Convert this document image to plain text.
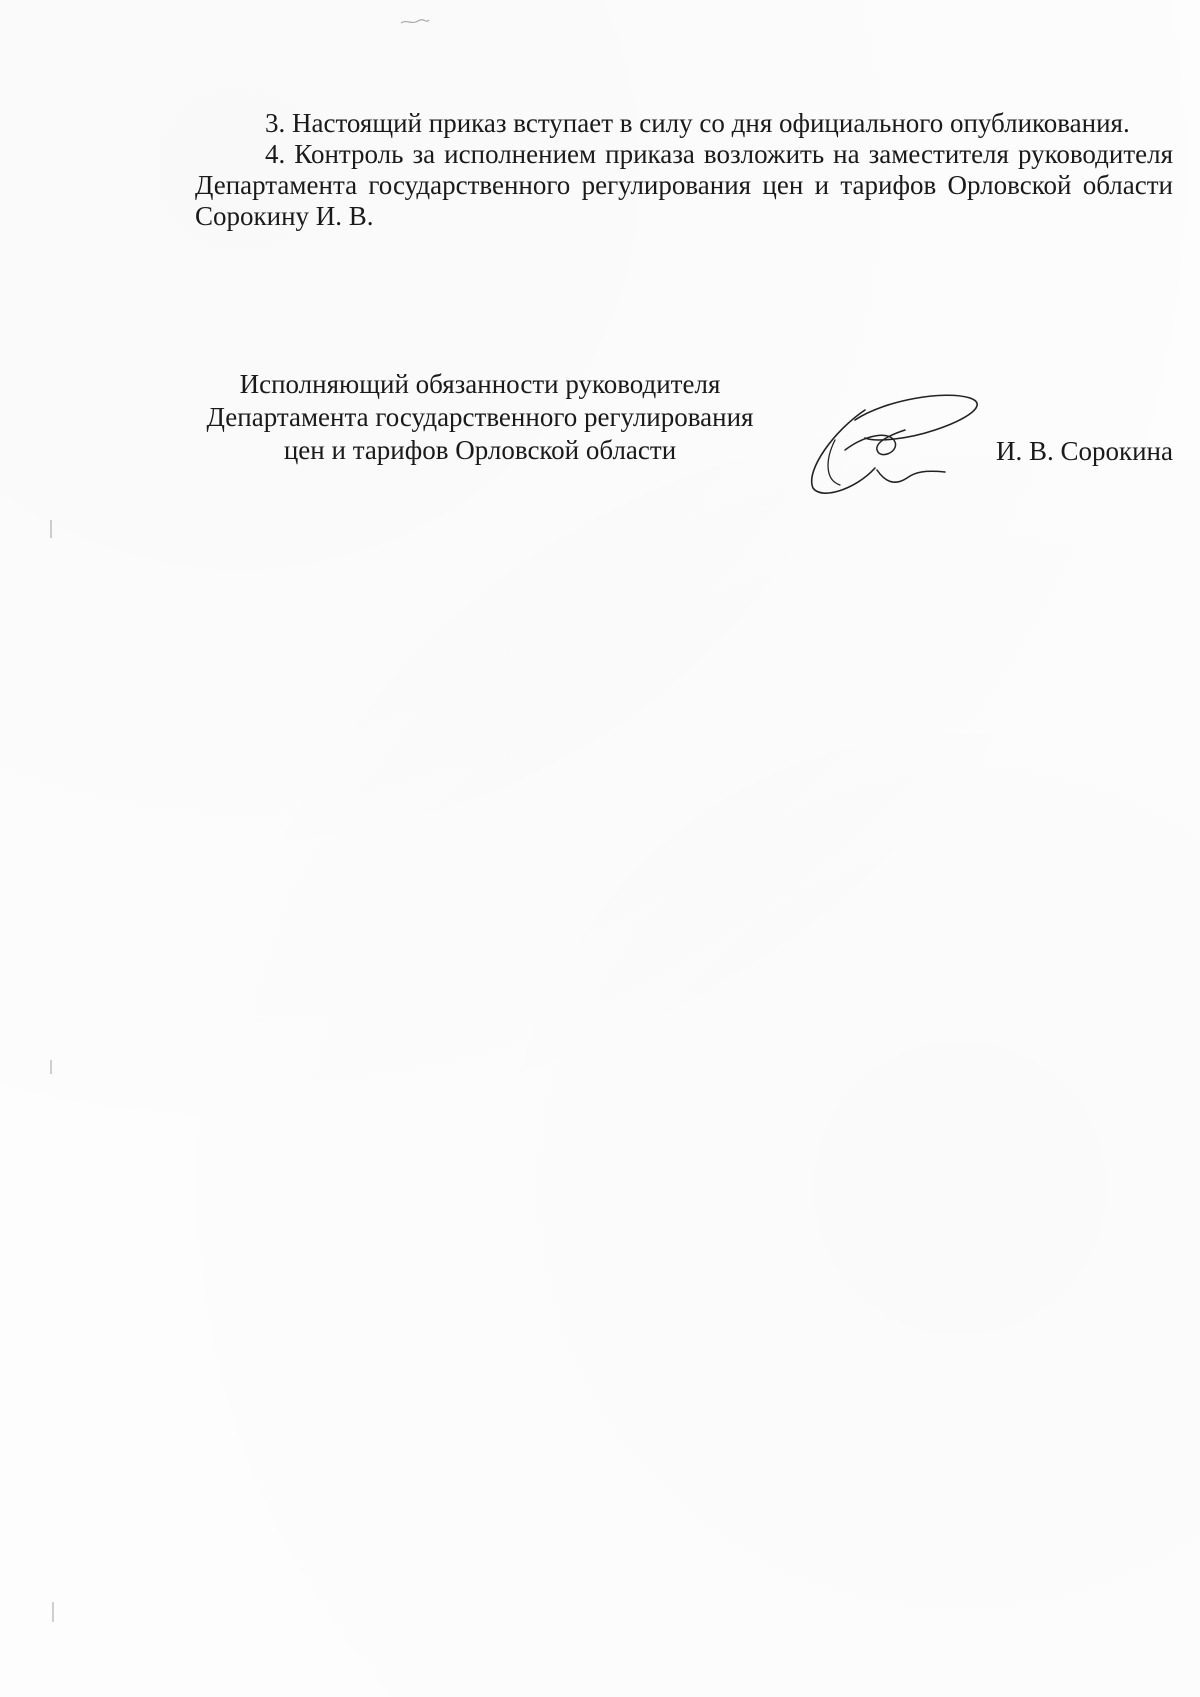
3. Настоящий приказ вступает в силу со дня официального опубликования.

4. Контроль за исполнением приказа возложить на заместителя руководителя Департамента государственного регулирования цен и тарифов Орловской области Сорокину И. В.

Исполняющий обязанности руководителя
Департамента государственного регулирования
цен и тарифов Орловской области	И. В. Сорокина
